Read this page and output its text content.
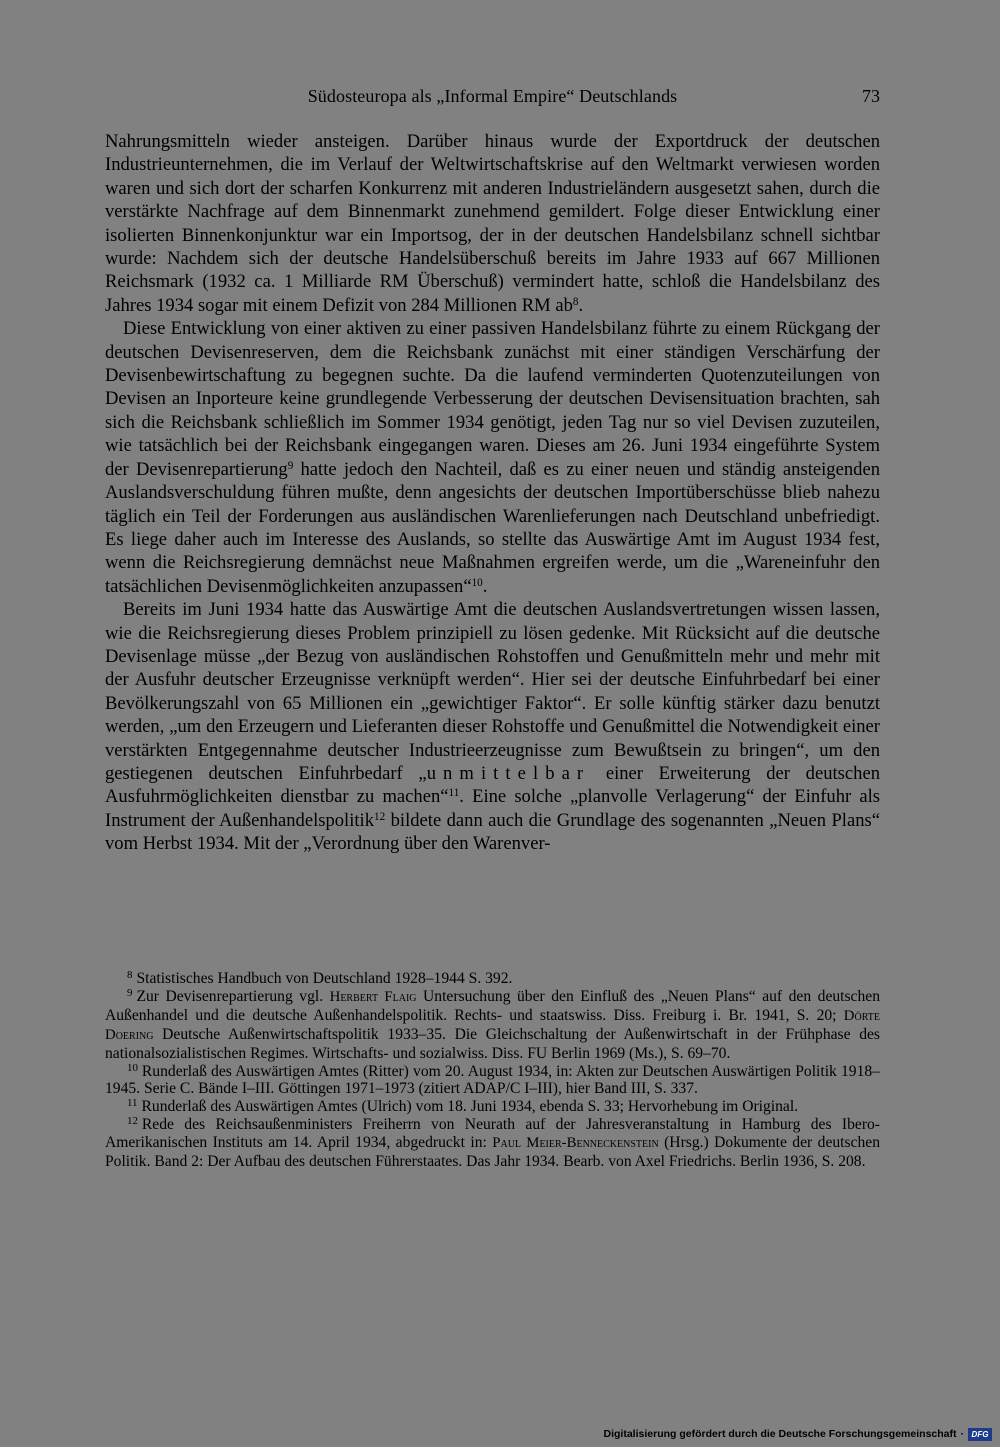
Südosteuropa als „Informal Empire“ Deutschlands	73

Nahrungsmitteln wieder ansteigen. Darüber hinaus wurde der Exportdruck der deutschen Industrieunternehmen, die im Verlauf der Weltwirtschaftskrise auf den Weltmarkt verwiesen worden waren und sich dort der scharfen Konkurrenz mit anderen Industrieländern ausgesetzt sahen, durch die verstärkte Nachfrage auf dem Binnenmarkt zunehmend gemildert. Folge dieser Entwicklung einer isolierten Binnenkonjunktur war ein Importsog, der in der deutschen Handelsbilanz schnell sichtbar wurde: Nachdem sich der deutsche Handelsüberschuß bereits im Jahre 1933 auf 667 Millionen Reichsmark (1932 ca. 1 Milliarde RM Überschuß) vermindert hatte, schloß die Handelsbilanz des Jahres 1934 sogar mit einem Defizit von 284 Millionen RM $ab^8$.

Diese Entwicklung von einer aktiven zu einer passiven Handelsbilanz führte zu einem Rückgang der deutschen Devisenreserven, dem die Reichsbank zunächst mit einer ständigen Verschärfung der Devisenbewirtschaftung zu begegnen suchte. Da die laufend verminderten Quotenzuteilungen von Devisen an Inporteure keine grundlegende Verbesserung der deutschen Devisensituation brachten, sah sich die Reichsbank schließlich im Sommer 1934 genötigt, jeden Tag nur so viel Devisen zuzuteilen, wie tatsächlich bei der Reichsbank eingegangen waren. Dieses am 26. Juni 1934 eingeführte System der Devisenrepartierung$^9$ hatte jedoch den Nachteil, daß es zu einer neuen und ständig ansteigenden Auslandsverschuldung führen mußte, denn angesichts der deutschen Importüberschüsse blieb nahezu täglich ein Teil der Forderungen aus ausländischen Warenlieferungen nach Deutschland unbefriedigt. Es liege daher auch im Interesse des Auslands, so stellte das Auswärtige Amt im August 1934 fest, wenn die Reichsregierung demnächst neue Maßnahmen ergreifen werde, um die „Wareneinfuhr den tatsächlichen Devisenmöglichkeiten anzupassen“$^{10}$.

Bereits im Juni 1934 hatte das Auswärtige Amt die deutschen Auslandsvertretungen wissen lassen, wie die Reichsregierung dieses Problem prinzipiell zu lösen gedenke. Mit Rücksicht auf die deutsche Devisenlage müsse „der Bezug von ausländischen Rohstoffen und Genußmitteln mehr und mehr mit der Ausfuhr deutscher Erzeugnisse verknüpft werden“. Hier sei der deutsche Einfuhrbedarf bei einer Bevölkerungszahl von 65 Millionen ein „gewichtiger Faktor“. Er solle künftig stärker dazu benutzt werden, „um den Erzeugern und Lieferanten dieser Rohstoffe und Genußmittel die Notwendigkeit einer verstärkten Entgegennahme deutscher Industrieerzeugnisse zum Bewußtsein zu bringen“, um den gestiegenen deutschen Einfuhrbedarf „unmittelbar einer Erweiterung der deutschen Ausfuhrmöglichkeiten dienstbar zu machen“$^{11}$. Eine solche „planvolle Verlagerung“ der Einfuhr als Instrument der Außenhandelspolitik$^{12}$ bildete dann auch die Grundlage des sogenannten „Neuen Plans“ vom Herbst 1934. Mit der „Verordnung über den Warenver-

$^8$ Statistisches Handbuch von Deutschland 1928–1944 S. 392.

$^9$ Zur Devisenrepartierung vgl. Herbert Flaig Untersuchung über den Einfluß des „Neuen Plans“ auf den deutschen Außenhandel und die deutsche Außenhandelspolitik. Rechts- und staatswiss. Diss. Freiburg i. Br. 1941, S. 20; Dörte Doering Deutsche Außenwirtschaftspolitik 1933–35. Die Gleichschaltung der Außenwirtschaft in der Frühphase des nationalsozialistischen Regimes. Wirtschafts- und sozialwiss. Diss. FU Berlin 1969 (Ms.), S. 69–70.

$^{10}$ Runderlaß des Auswärtigen Amtes (Ritter) vom 20. August 1934, in: Akten zur Deutschen Auswärtigen Politik 1918–1945. Serie C. Bände I–III. Göttingen 1971–1973 (zitiert ADAP/C I–III), hier Band III, S. 337.

$^{11}$ Runderlaß des Auswärtigen Amtes (Ulrich) vom 18. Juni 1934, ebenda S. 33; Hervorhebung im Original.

$^{12}$ Rede des Reichsaußenministers Freiherrn von Neurath auf der Jahresveranstaltung in Hamburg des Ibero-Amerikanischen Instituts am 14. April 1934, abgedruckt in: Paul Meier-Benneckenstein (Hrsg.) Dokumente der deutschen Politik. Band 2: Der Aufbau des deutschen Führerstaates. Das Jahr 1934. Bearb. von Axel Friedrichs. Berlin 1936, S. 208.

Digitalisierung gefördert durch die Deutsche Forschungsgemeinschaft · DFG
